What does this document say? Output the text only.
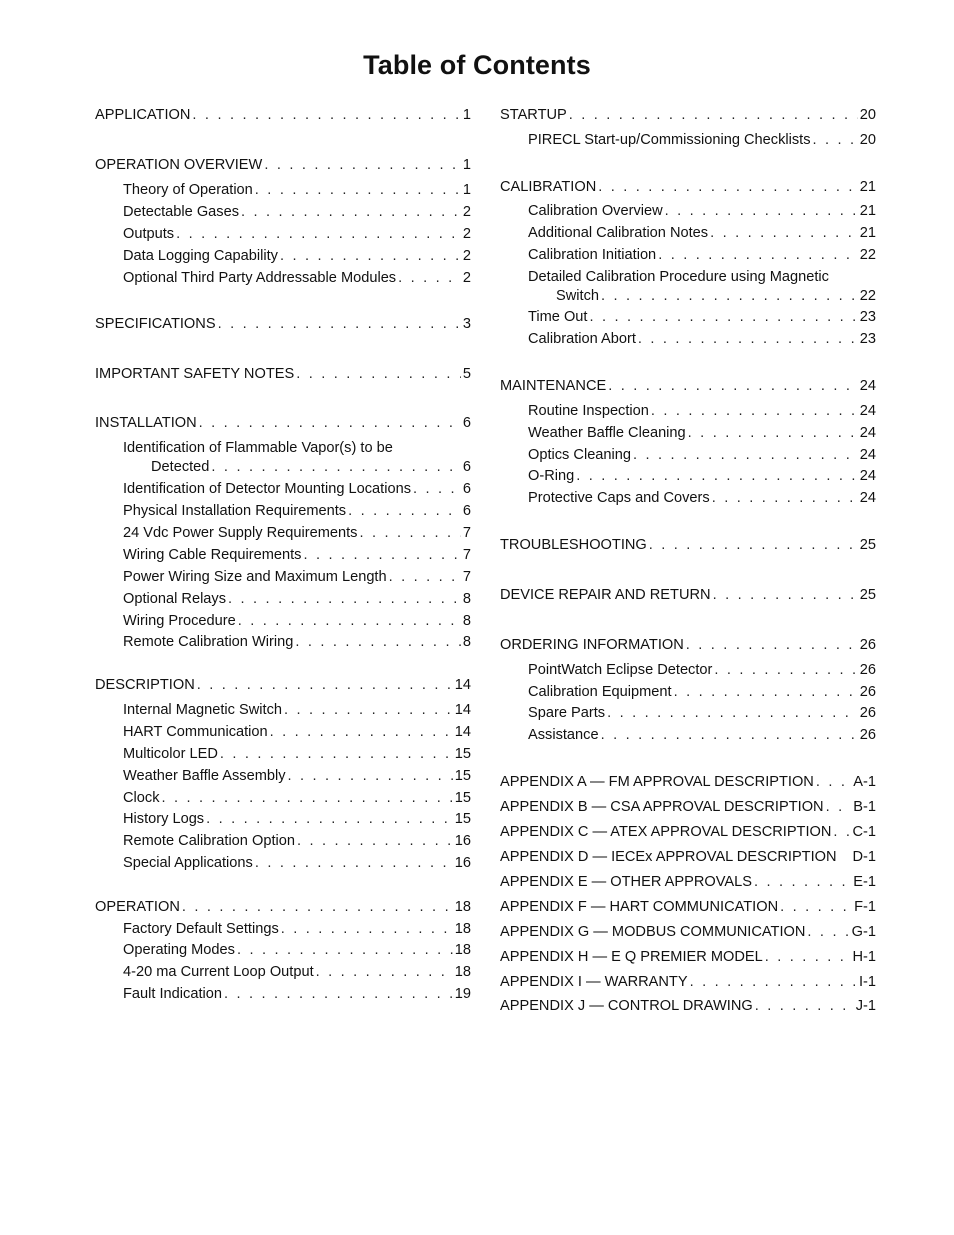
Table of Contents
APPLICATION . . .	1
OPERATION OVERVIEW . . .	1
Theory of Operation . . .	1
Detectable Gases . . .	2
Outputs . . .	2
Data Logging Capability . . .	2
Optional Third Party Addressable Modules . . .	2
SPECIFICATIONS . . .	3
IMPORTANT SAFETY NOTES . . .	5
INSTALLATION . . .	6
Identification of Flammable Vapor(s) to be
Detected . . .	6
Identification of Detector Mounting Locations . . .	6
Physical Installation Requirements . . .	6
24 Vdc Power Supply Requirements . . .	7
Wiring Cable Requirements . . .	7
Power Wiring Size and Maximum Length . . .	7
Optional Relays . . .	8
Wiring Procedure . . .	8
Remote Calibration Wiring . . .	8
DESCRIPTION . . .	14
Internal Magnetic Switch . . .	14
HART Communication . . .	14
Multicolor LED . . .	15
Weather Baffle Assembly . . .	15
Clock . . .	15
History Logs . . .	15
Remote Calibration Option . . .	16
Special Applications . . .	16
OPERATION . . .	18
Factory Default Settings . . .	18
Operating Modes . . .	18
4-20 ma Current Loop Output . . .	18
Fault Indication . . .	19
STARTUP . . .	20
PIRECL Start-up/Commissioning Checklists . . .	20
CALIBRATION . . .	21
Calibration Overview . . .	21
Additional Calibration Notes . . .	21
Calibration Initiation . . .	22
Detailed Calibration Procedure using Magnetic
Switch . . .	22
Time Out . . .	23
Calibration Abort . . .	23
MAINTENANCE . . .	24
Routine Inspection . . .	24
Weather Baffle Cleaning . . .	24
Optics Cleaning . . .	24
O-Ring . . .	24
Protective Caps and Covers . . .	24
TROUBLESHOOTING . . .	25
DEVICE REPAIR AND RETURN . . .	25
ORDERING INFORMATION . . .	26
PointWatch Eclipse Detector . . .	26
Calibration Equipment . . .	26
Spare Parts . . .	26
Assistance . . .	26
APPENDIX A — FM APPROVAL DESCRIPTION . . .	A-1
APPENDIX B — CSA APPROVAL DESCRIPTION . . . B-1
APPENDIX C — ATEX APPROVAL DESCRIPTION . . . C-1
APPENDIX D — IECEx APPROVAL DESCRIPTION D-1
APPENDIX E — OTHER APPROVALS . . .	E-1
APPENDIX F — HART COMMUNICATION . . .	F-1
APPENDIX G — MODBUS COMMUNICATION . . .	G-1
APPENDIX H — E Q PREMIER MODEL . . .	H-1
APPENDIX I — WARRANTY . . .	I-1
APPENDIX J — CONTROL DRAWING . . .	J-1
